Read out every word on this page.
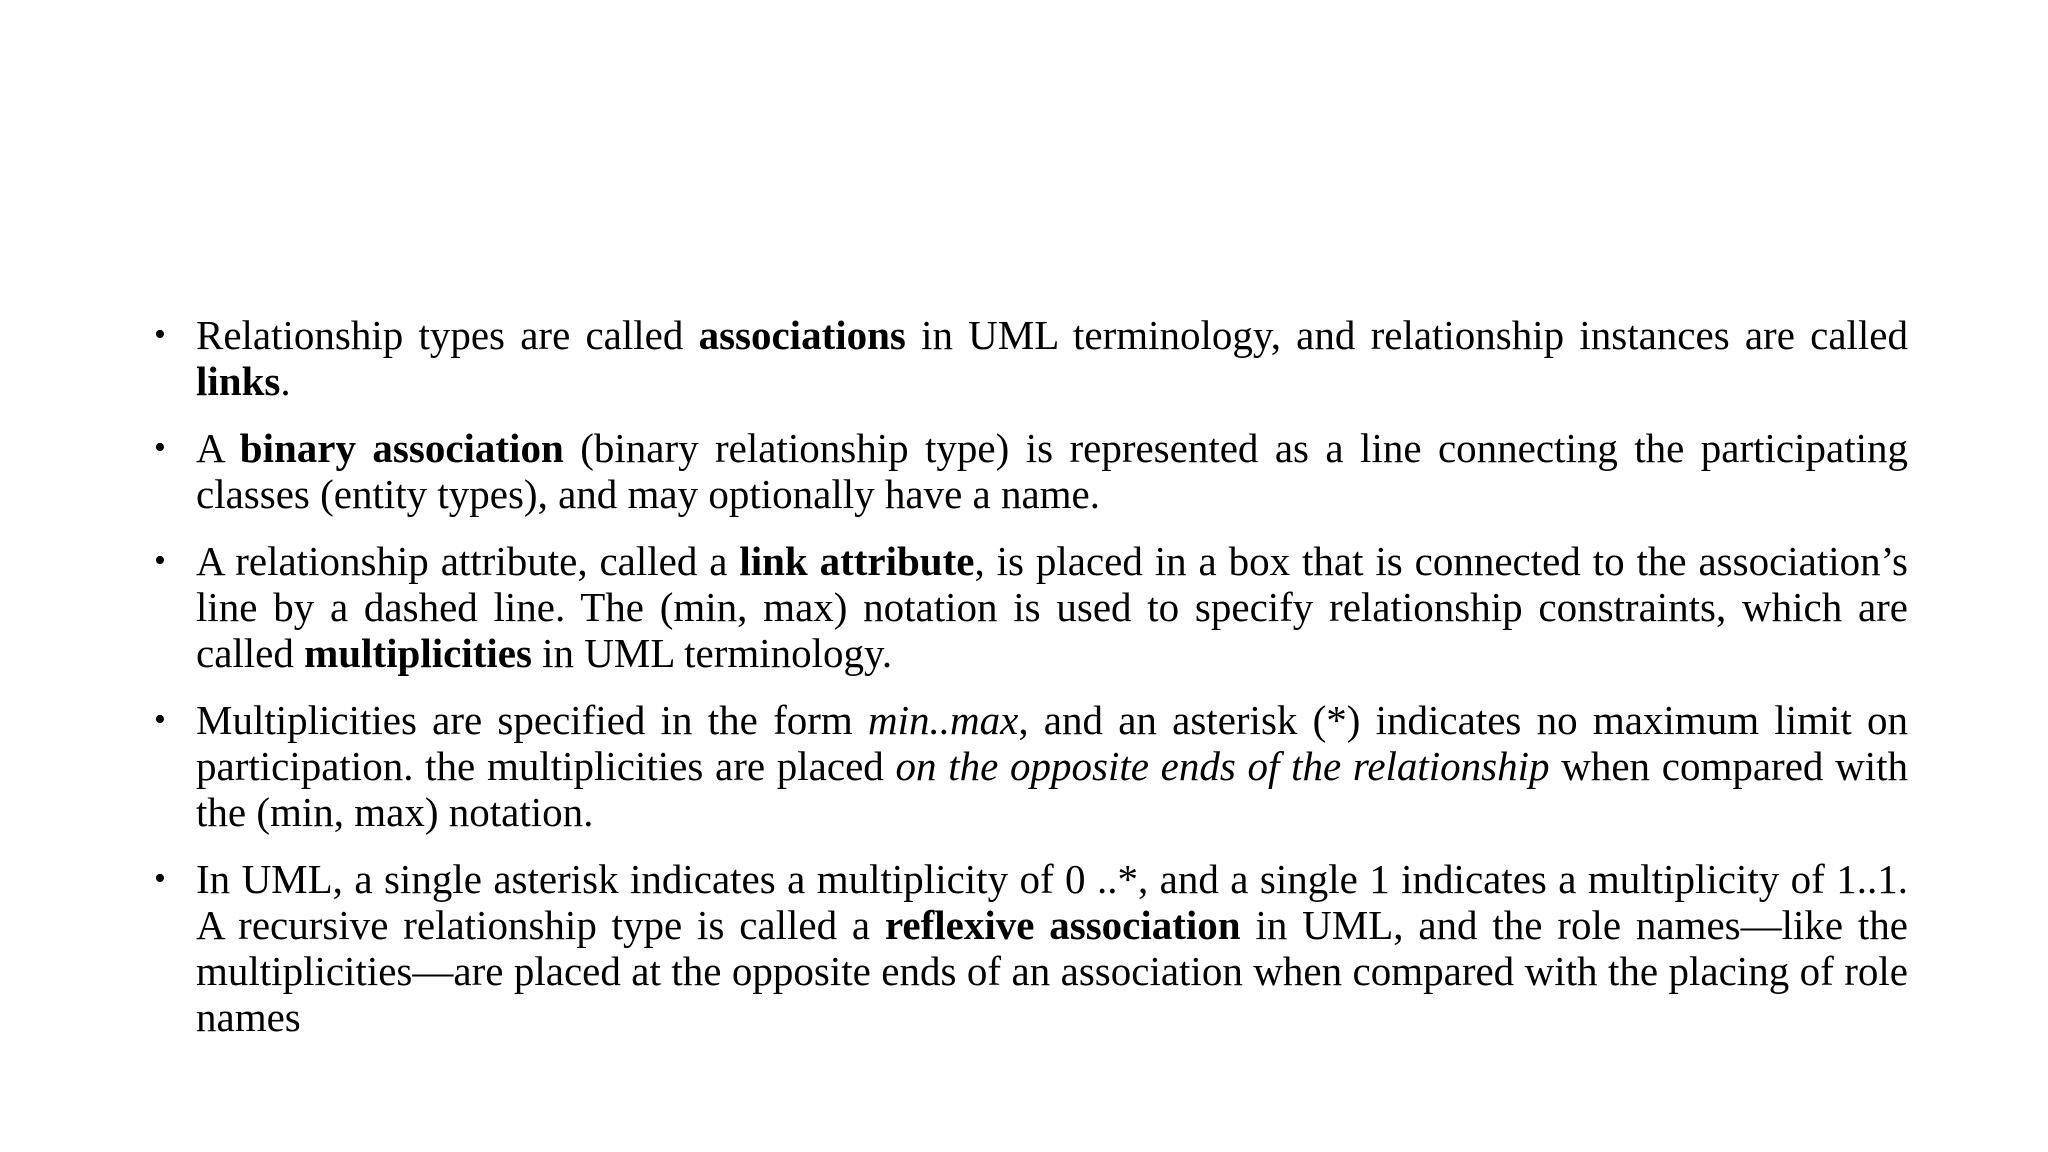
• Relationship types are called associations in UML terminology, and relationship instances are called links.
• A binary association (binary relationship type) is represented as a line connecting the participating classes (entity types), and may optionally have a name.
• A relationship attribute, called a link attribute, is placed in a box that is connected to the association’s line by a dashed line. The (min, max) notation is used to specify relationship constraints, which are called multiplicities in UML terminology.
• Multiplicities are specified in the form min..max, and an asterisk (*) indicates no maximum limit on participation. the multiplicities are placed on the opposite ends of the relationship when compared with the (min, max) notation.
• In UML, a single asterisk indicates a multiplicity of 0 ..*, and a single 1 indicates a multiplicity of 1..1. A recursive relationship type is called a reflexive association in UML, and the role names—like the multiplicities—are placed at the opposite ends of an association when compared with the placing of role names
